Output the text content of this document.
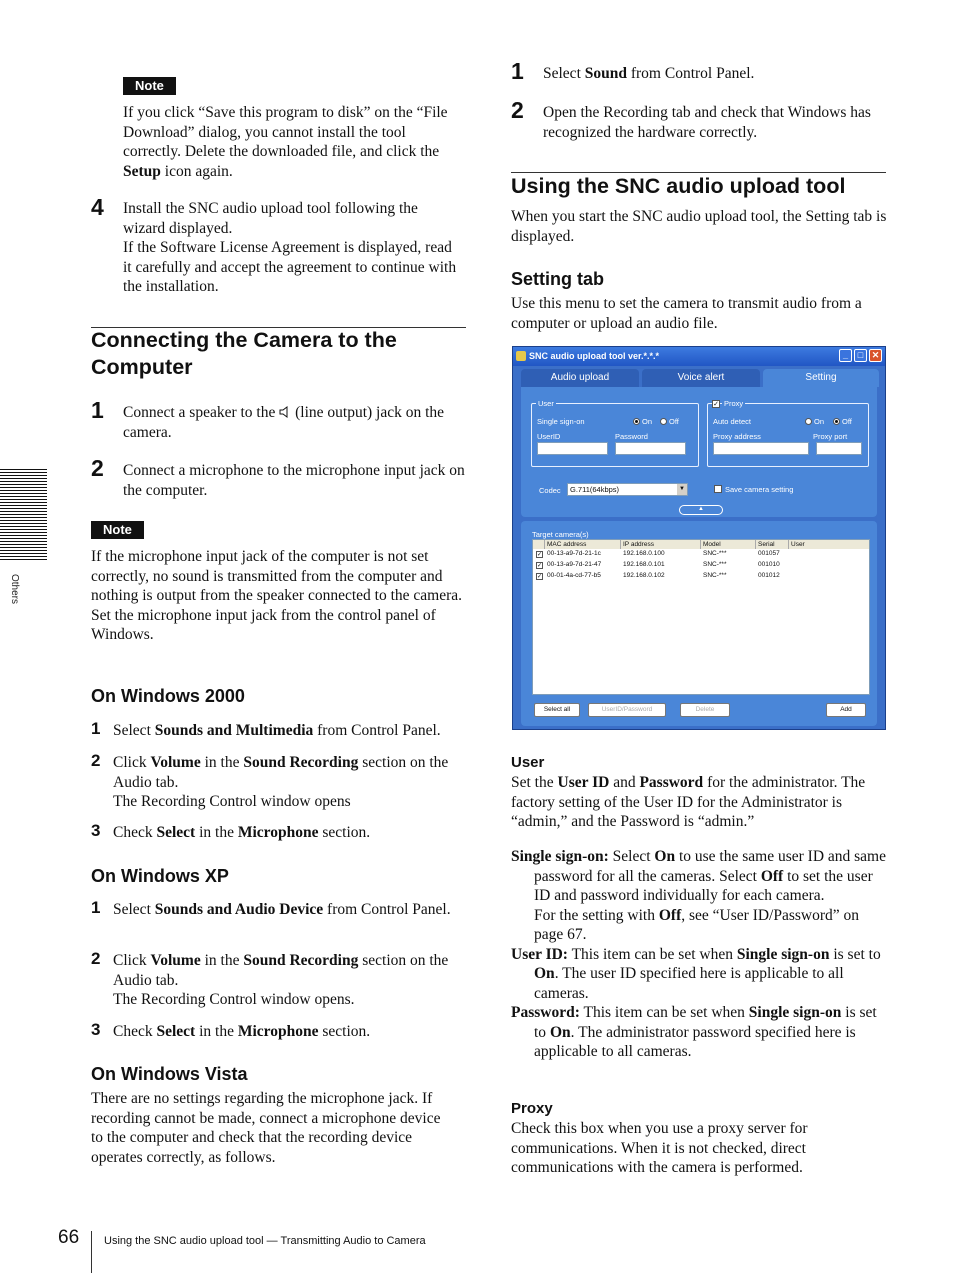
Others
Note

If you click “Save this program to disk” on the “File Download” dialog, you cannot install the tool correctly. Delete the downloaded file, and click the Setup icon again.

4 Install the SNC audio upload tool following the wizard displayed.
If the Software License Agreement is displayed, read it carefully and accept the agreement to continue with the installation.

Connecting the Camera to the Computer
1 Connect a speaker to the  (line output) jack on the camera.

2 Connect a microphone to the microphone input jack on the computer.

Note

If the microphone input jack of the computer is not set correctly, no sound is transmitted from the computer and nothing is output from the speaker connected to the camera.
Set the microphone input jack from the control panel of Windows.

On Windows 2000
1 Select Sounds and Multimedia from Control Panel.

2 Click Volume in the Sound Recording section on the Audio tab.
The Recording Control window opens

3 Check Select in the Microphone section.

On Windows XP
1 Select Sounds and Audio Device from Control Panel.

2 Click Volume in the Sound Recording section on the Audio tab.
The Recording Control window opens.

3 Check Select in the Microphone section.

On Windows Vista

There are no settings regarding the microphone jack. If recording cannot be made, connect a microphone device to the computer and check that the recording device operates correctly, as follows.

1 Select Sound from Control Panel.

2 Open the Recording tab and check that Windows has recognized the hardware correctly.

Using the SNC audio upload tool

When you start the SNC audio upload tool, the Setting tab is displayed.

Setting tab

Use this menu to set the camera to transmit audio from a computer or upload an audio file.

SNC audio upload tool ver.*.*.*	_	□ ✕
Audio upload	Voice alert	Setting
User
Single sign-on	On Off
UserID	Password
✓ Proxy
Auto detect	On Off
Proxy address	Proxy port
Codec	G.711(64kbps)	▼	Save camera setting
▲
Target camera(s)
MAC address	IP address	Model	Serial	User
✓ 00-13-a9-7d-21-1c	192.168.0.100	SNC-***	001057
✓ 00-13-a9-7d-21-47	192.168.0.101	SNC-***	001010
✓ 00-01-4a-cd-77-b5	192.168.0.102	SNC-***	001012
Select all	UserID/Password	Delete	Add
User

Set the User ID and Password for the administrator. The factory setting of the User ID for the Administrator is “admin,” and the Password is “admin.”

Single sign-on: Select On to use the same user ID and same password for all the cameras. Select Off to set the user ID and password individually for each camera.

For the setting with Off, see “User ID/Password” on page 67.

User ID: This item can be set when Single sign-on is set to On. The user ID specified here is applicable to all cameras.

Password: This item can be set when Single sign-on is set to On. The administrator password specified here is applicable to all cameras.

Proxy

Check this box when you use a proxy server for communications. When it is not checked, direct communications with the camera is performed.

66 Using the SNC audio upload tool — Transmitting Audio to Camera
